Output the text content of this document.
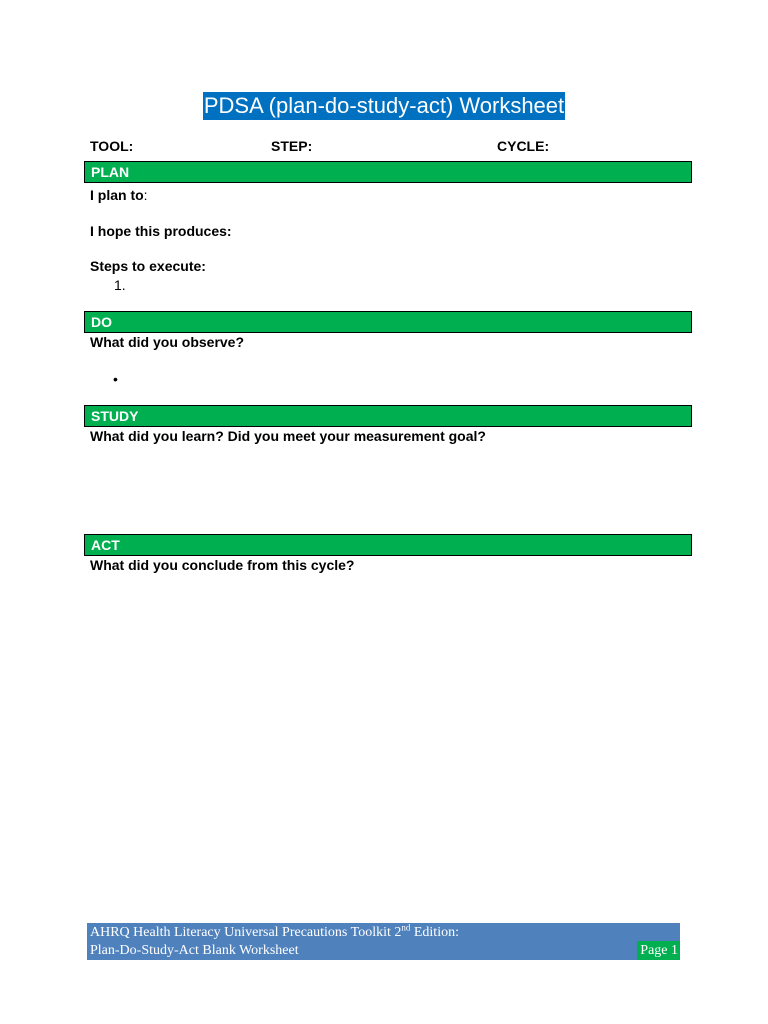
PDSA (plan-do-study-act) Worksheet
TOOL:	STEP:	CYCLE:
PLAN
I plan to:
I hope this produces:
Steps to execute:
1.
DO
What did you observe?
•
STUDY
What did you learn? Did you meet your measurement goal?
ACT
What did you conclude from this cycle?
AHRQ Health Literacy Universal Precautions Toolkit 2nd Edition:
Plan-Do-Study-Act Blank Worksheet	Page 1
